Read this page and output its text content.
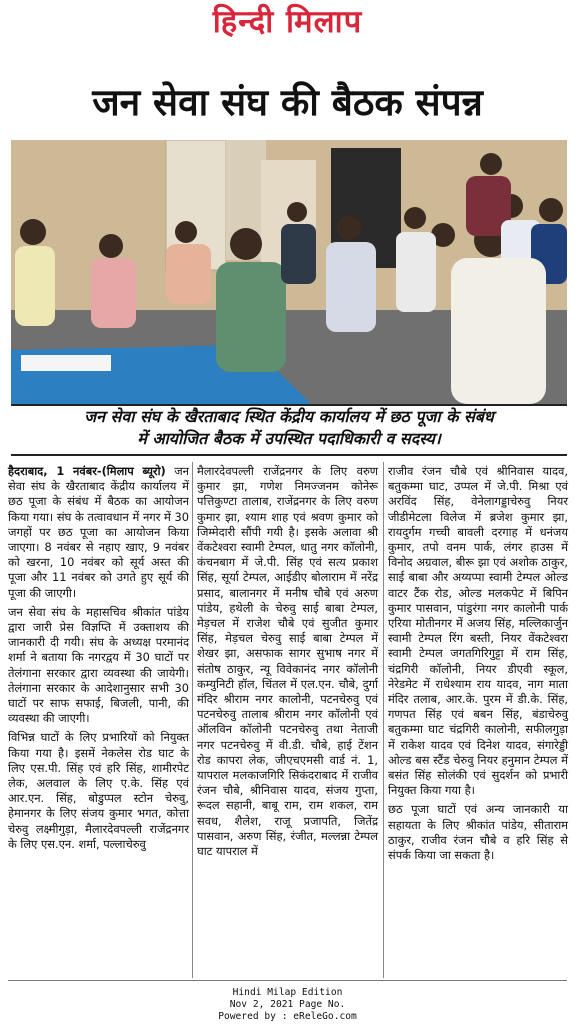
हिन्दी मिलाप
जन सेवा संघ की बैठक संपन्न
जन सेवा संघ के खैरताबाद स्थित केंद्रीय कार्यालय में छठ पूजा के संबंध
में आयोजित बैठक में उपस्थित पदाधिकारी व सदस्य।

हैदराबाद, 1 नवंबर-(मिलाप ब्यूरो) जन सेवा संघ के खैरताबाद केंद्रीय कार्यालय में छठ पूजा के संबंध में बैठक का आयोजन किया गया। संघ के तत्वावधान में नगर में 30 जगहों पर छठ पूजा का आयोजन किया जाएगा। 8 नवंबर से नहाए खाए, 9 नवंबर को खरना, 10 नवंबर को सूर्य अस्त की पूजा और 11 नवंबर को उगते हुए सूर्य की पूजा की जाएगी।

जन सेवा संघ के महासचिव श्रीकांत पांडेय द्वारा जारी प्रेस विज्ञप्ति में उक्ताशय की जानकारी दी गयी। संघ के अध्यक्ष परमानंद शर्मा ने बताया कि नगरद्वय में 30 घाटों पर तेलंगाना सरकार द्वारा व्यवस्था की जायेगी। तेलंगाना सरकार के आदेशानुसार सभी 30 घाटों पर साफ सफाई, बिजली, पानी, की व्यवस्था की जाएगी।

विभिन्न घाटों के लिए प्रभारियों को नियुक्त किया गया है। इसमें नेकलेस रोड घाट के लिए एस.पी. सिंह एवं हरि सिंह, शामीरपेट लेक, अलवाल के लिए ए.के. सिंह एवं आर.एन. सिंह, बोडुप्पल स्टोन चेरुवु, हेमानगर के लिए संजय कुमार भगत, कोत्ता चेरुवु लक्ष्मीगुड़ा, मैलारदेवपल्ली राजेंद्रनगर के लिए एस.एन. शर्मा, पल्लाचेरुवु

मैलारदेवपल्ली राजेंद्रनगर के लिए वरुण कुमार झा, गणेश निमज्जनम कोनेरू पत्तिकुण्टा तालाब, राजेंद्रनगर के लिए वरुण कुमार झा, श्याम शाह एवं श्रवण कुमार को जिम्मेदारी सौंपी गयी है। इसके अलावा श्री वेंकटेश्वरा स्वामी टेम्पल, धातु नगर कॉलोनी, कंचनबाग में जे.पी. सिंह एवं सत्य प्रकाश सिंह, सूर्या टेम्पल, आईडीए बोलाराम में नरेंद्र प्रसाद, बालानगर में मनीष चौबे एवं अरुण पांडेय, हथेली के चेरुवु साई बाबा टेम्पल, मेड़चल में राजेश चौबे एवं सुजीत कुमार सिंह, मेड़चल चेरुवु साई बाबा टेम्पल में शेखर झा, असफाक सागर सुभाष नगर में संतोष ठाकुर, न्यू विवेकानंद नगर कॉलोनी कम्युनिटी हॉल, चिंतल में एल.एन. चौबे, दुर्गा मंदिर श्रीराम नगर कालोनी, पटनचेरुवु एवं पटनचेरुवु तालाब श्रीराम नगर कॉलोनी एवं ऑलविन कॉलोनी पटनचेरुवु तथा नेताजी नगर पटनचेरुवु में वी.डी. चौबे, हाई टेंशन रोड कापरा लेक, जीएचएमसी वार्ड नं. 1, यापराल मलकाजगिरि सिकंदराबाद में राजीव रंजन चौबे, श्रीनिवास यादव, संजय गुप्ता, रूदल सहानी, बाबू राम, राम शकल, राम सवध, शैलेश, राजू प्रजापति, जितेंद्र पासवान, अरुण सिंह, रंजीत, मल्लन्ना टेम्पल घाट यापराल में

राजीव रंजन चौबे एवं श्रीनिवास यादव, बतुकम्मा घाट, उप्पल में जे.पी. मिश्रा एवं अरविंद सिंह, वेनेलागड्डाचेरुवु नियर जीडीमेटला विलेज में ब्रजेश कुमार झा, रायदुर्गम गच्ची बावली दरगाह में धनंजय कुमार, तपो वनम पार्क, लंगर हाउस में विनोद अग्रवाल, बीरू झा एवं अशोक ठाकुर, साई बाबा और अय्यप्पा स्वामी टेम्पल ओल्ड वाटर टैंक रोड, ओल्ड मलकपेट में बिपिन कुमार पासवान, पांडुरंगा नगर कालोनी पार्क एरिया मोतीनगर में अजय सिंह, मल्लिकार्जुन स्वामी टेम्पल रिंग बस्ती, नियर वेंकटेश्वरा स्वामी टेम्पल जगतगिरिगुट्टा में राम सिंह, चंद्रगिरी कॉलोनी, नियर डीएवी स्कूल, नेरेडमेट में राधेश्याम राय यादव, नाग माता मंदिर तलाब, आर.के. पुरम में डी.के. सिंह, गणपत सिंह एवं बबन सिंह, बंडाचेरुवु बतुकम्मा घाट चंद्रगिरी कालोनी, सफीलगुड़ा में राकेश यादव एवं दिनेश यादव, संगारेड्डी ओल्ड बस स्टैंड चेरुवु नियर हनुमान टेम्पल में बसंत सिंह सोलंकी एवं सुदर्शन को प्रभारी नियुक्त किया गया है।

छठ पूजा घाटों एवं अन्य जानकारी या सहायता के लिए श्रीकांत पांडेय, सीताराम ठाकुर, राजीव रंजन चौबे व हरि सिंह से संपर्क किया जा सकता है।

Hindi Milap Edition
Nov 2, 2021 Page No.
Powered by : eReleGo.com
